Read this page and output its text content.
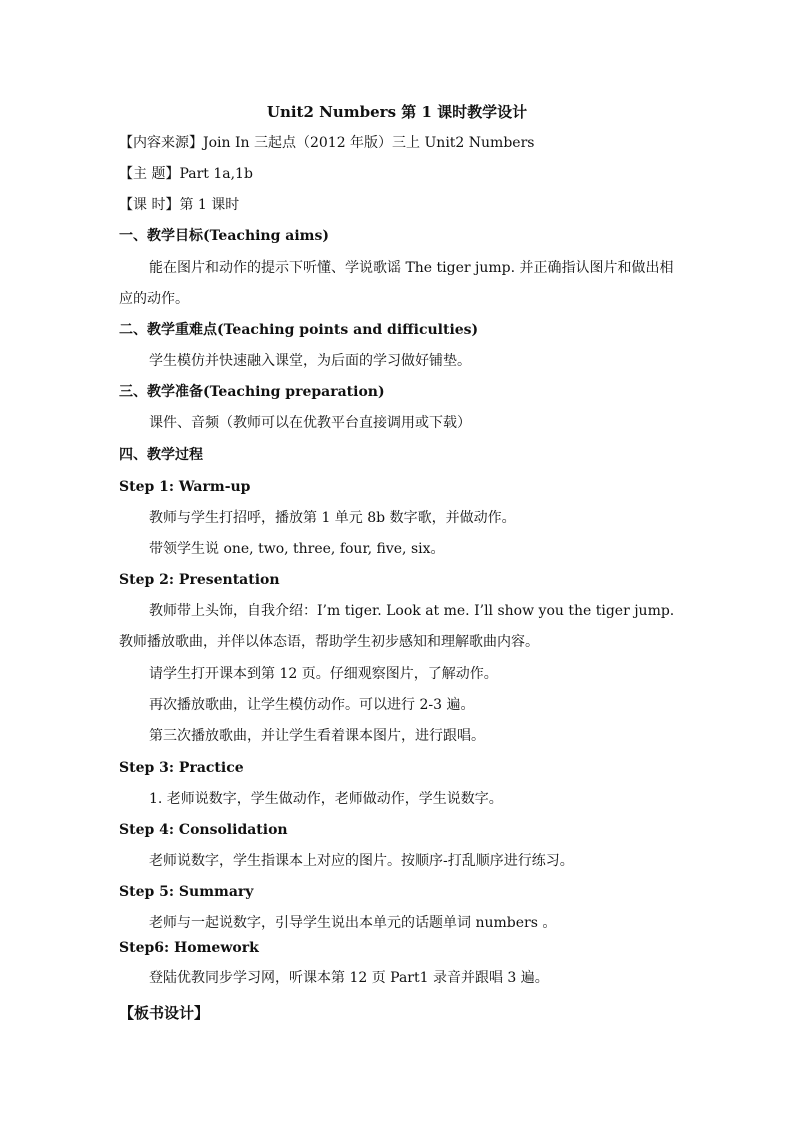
Unit2 Numbers 第 1 课时教学设计
【内容来源】Join In 三起点（2012 年版）三上 Unit2 Numbers
【主 题】Part 1a,1b
【课 时】第 1 课时
一、教学目标(Teaching aims)
能在图片和动作的提示下听懂、学说歌谣 The tiger jump. 并正确指认图片和做出相应的动作。
二、教学重难点(Teaching points and difficulties)
学生模仿并快速融入课堂，为后面的学习做好铺垫。
三、教学准备(Teaching preparation)
课件、音频（教师可以在优教平台直接调用或下载）
四、教学过程
Step 1: Warm-up
教师与学生打招呼，播放第 1 单元 8b 数字歌，并做动作。
带领学生说 one, two, three, four, five, six。
Step 2: Presentation
教师带上头饰，自我介绍：I’m tiger. Look at me. I’ll show you the tiger jump. 教师播放歌曲，并伴以体态语，帮助学生初步感知和理解歌曲内容。
请学生打开课本到第 12 页。仔细观察图片，了解动作。
再次播放歌曲，让学生模仿动作。可以进行 2-3 遍。
第三次播放歌曲，并让学生看着课本图片，进行跟唱。
Step 3: Practice
1. 老师说数字，学生做动作，老师做动作，学生说数字。
Step 4: Consolidation
老师说数字，学生指课本上对应的图片。按顺序-打乱顺序进行练习。
Step 5: Summary
老师与一起说数字，引导学生说出本单元的话题单词 numbers 。
Step6: Homework
登陆优教同步学习网，听课本第 12 页 Part1 录音并跟唱 3 遍。
【板书设计】
